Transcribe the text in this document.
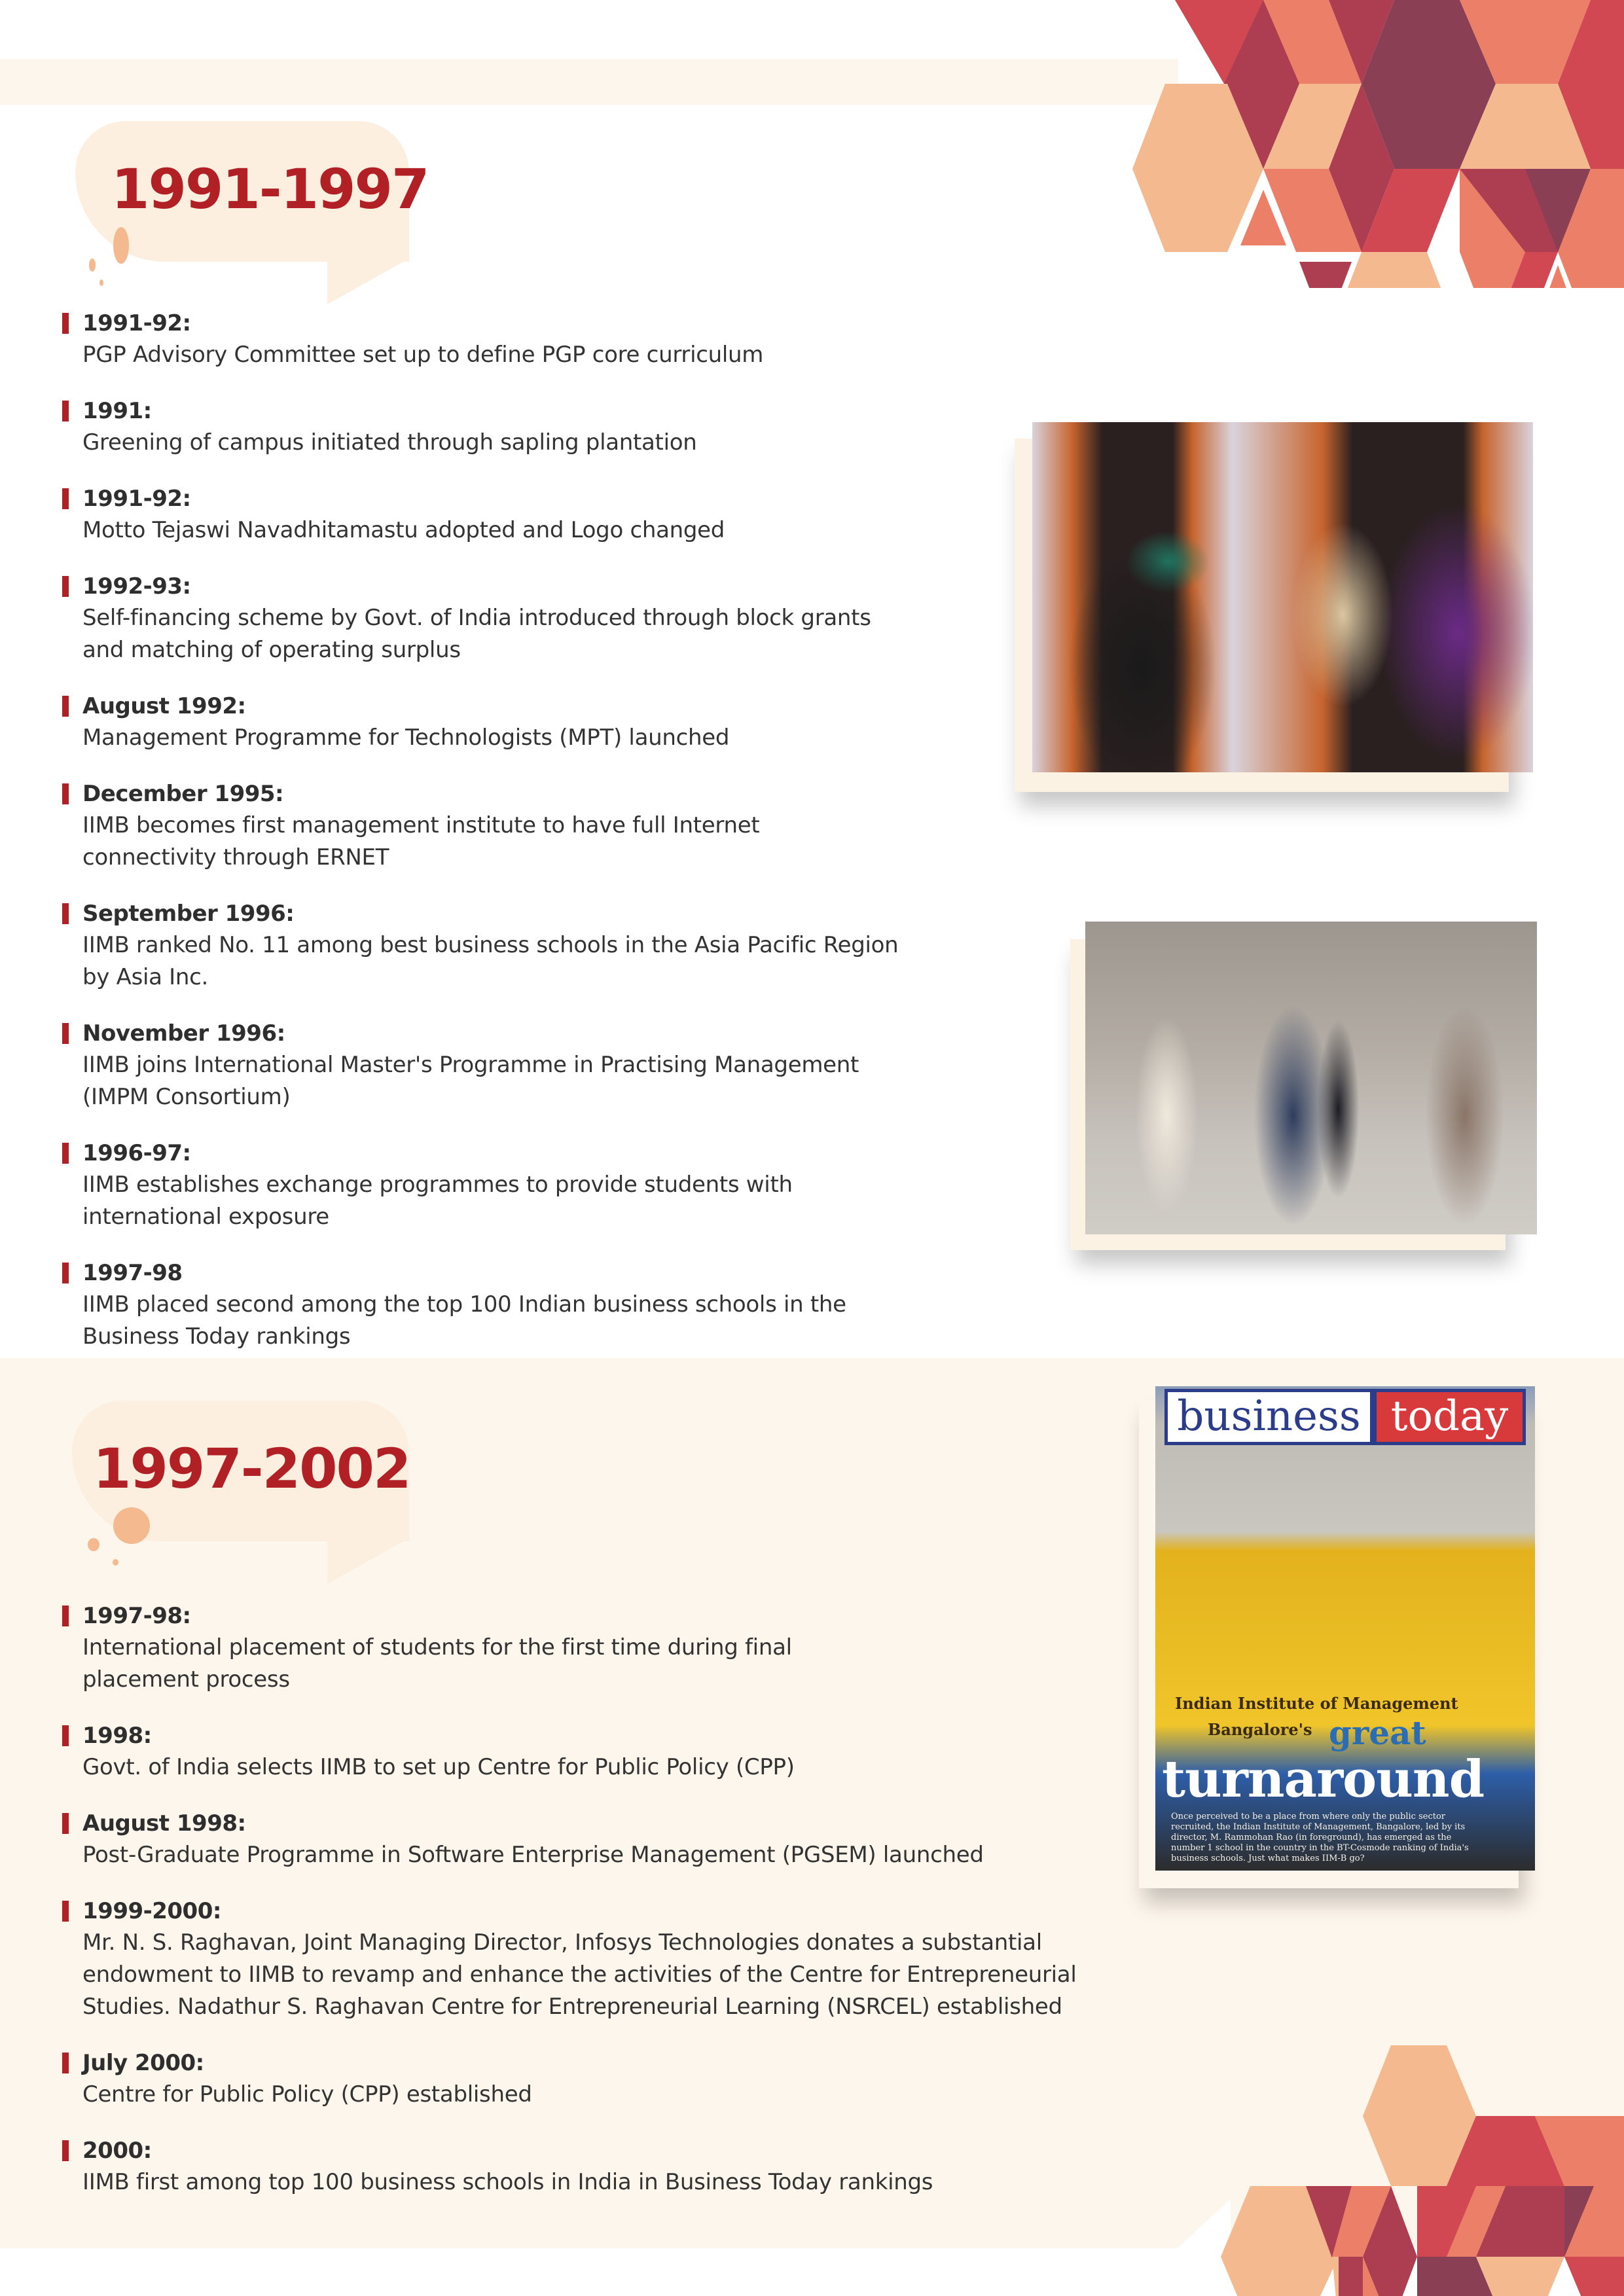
1991-1997
1991-92:
PGP Advisory Committee set up to define PGP core curriculum
1991:
Greening of campus initiated through sapling plantation
1991-92:
Motto Tejaswi Navadhitamastu adopted and Logo changed
1992-93:
Self-financing scheme by Govt. of India introduced through block grants
and matching of operating surplus
August 1992:
Management Programme for Technologists (MPT) launched
December 1995:
IIMB becomes first management institute to have full Internet
connectivity through ERNET
September 1996:
IIMB ranked No. 11 among best business schools in the Asia Pacific Region
by Asia Inc.
November 1996:
IIMB joins International Master's Programme in Practising Management
(IMPM Consortium)
1996-97:
IIMB establishes exchange programmes to provide students with
international exposure
1997-98
IIMB placed second among the top 100 Indian business schools in the
Business Today rankings
1997-2002
1997-98:
International placement of students for the first time during final
placement process
1998:
Govt. of India selects IIMB to set up Centre for Public Policy (CPP)
August 1998:
Post-Graduate Programme in Software Enterprise Management (PGSEM) launched
1999-2000:
Mr. N. S. Raghavan, Joint Managing Director, Infosys Technologies donates a substantial
endowment to IIMB to revamp and enhance the activities of the Centre for Entrepreneurial
Studies. Nadathur S. Raghavan Centre for Entrepreneurial Learning (NSRCEL) established
July 2000:
Centre for Public Policy (CPP) established
2000:
IIMB first among top 100 business schools in India in Business Today rankings
business today
Indian Institute of Management
Bangalore's great
turnaround
Once perceived to be a place from where only the public sector recruited, the Indian Institute of Management, Bangalore, led by its director, M. Rammohan Rao (in foreground), has emerged as the number 1 school in the country in the BT-Cosmode ranking of India's business schools. Just what makes IIM-B go?
